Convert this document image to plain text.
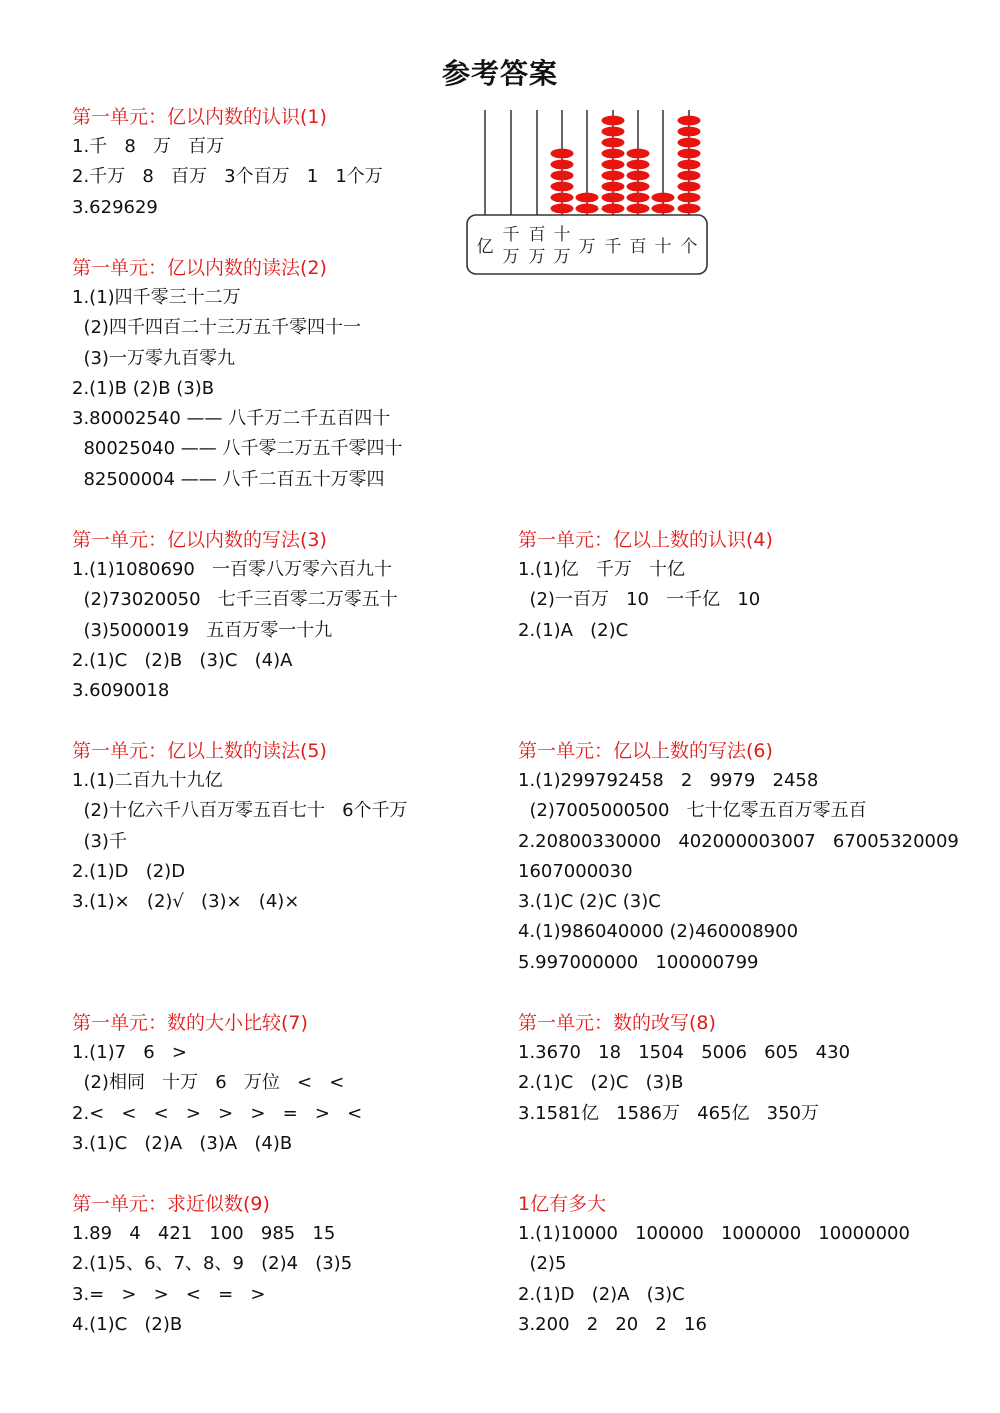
参考答案
第一单元：亿以内数的认识(1)
1.千   8   万   百万
2.千万   8   百万   3个百万   1   1个万
3.629629
亿
千万
百万
十万 万 千 百 十 个
第一单元：亿以内数的读法(2)
1.(1)四千零三十二万
(2)四千四百二十三万五千零四十一
(3)一万零九百零九
2.(1)B (2)B (3)B
3.80002540 —— 八千万二千五百四十
80025040 —— 八千零二万五千零四十
82500004 —— 八千二百五十万零四
第一单元：亿以内数的写法(3)
1.(1)1080690   一百零八万零六百九十
(2)73020050   七千三百零二万零五十
(3)5000019   五百万零一十九
2.(1)C   (2)B   (3)C   (4)A
3.6090018
第一单元：亿以上数的认识(4)
1.(1)亿   千万   十亿
(2)一百万   10   一千亿   10
2.(1)A   (2)C
第一单元：亿以上数的读法(5)
1.(1)二百九十九亿
(2)十亿六千八百万零五百七十   6个千万
(3)千
2.(1)D   (2)D
3.(1)×   (2)√   (3)×   (4)×
第一单元：亿以上数的写法(6)
1.(1)299792458   2   9979   2458
(2)7005000500   七十亿零五百万零五百
2.20800330000   402000003007   67005320009
1607000030
3.(1)C (2)C (3)C
4.(1)986040000 (2)460008900
5.997000000   100000799
第一单元：数的大小比较(7)
1.(1)7   6   >
(2)相同   十万   6   万位   <   <
2.<   <   <   >   >   >   =   >   <
3.(1)C   (2)A   (3)A   (4)B
第一单元：数的改写(8)
1.3670   18   1504   5006   605   430
2.(1)C   (2)C   (3)B
3.1581亿   1586万   465亿   350万
第一单元：求近似数(9)
1.89   4   421   100   985   15
2.(1)5、6、7、8、9   (2)4   (3)5
3.=   >   >   <   =   >
4.(1)C   (2)B
1亿有多大
1.(1)10000   100000   1000000   10000000
(2)5
2.(1)D   (2)A   (3)C
3.200   2   20   2   16
